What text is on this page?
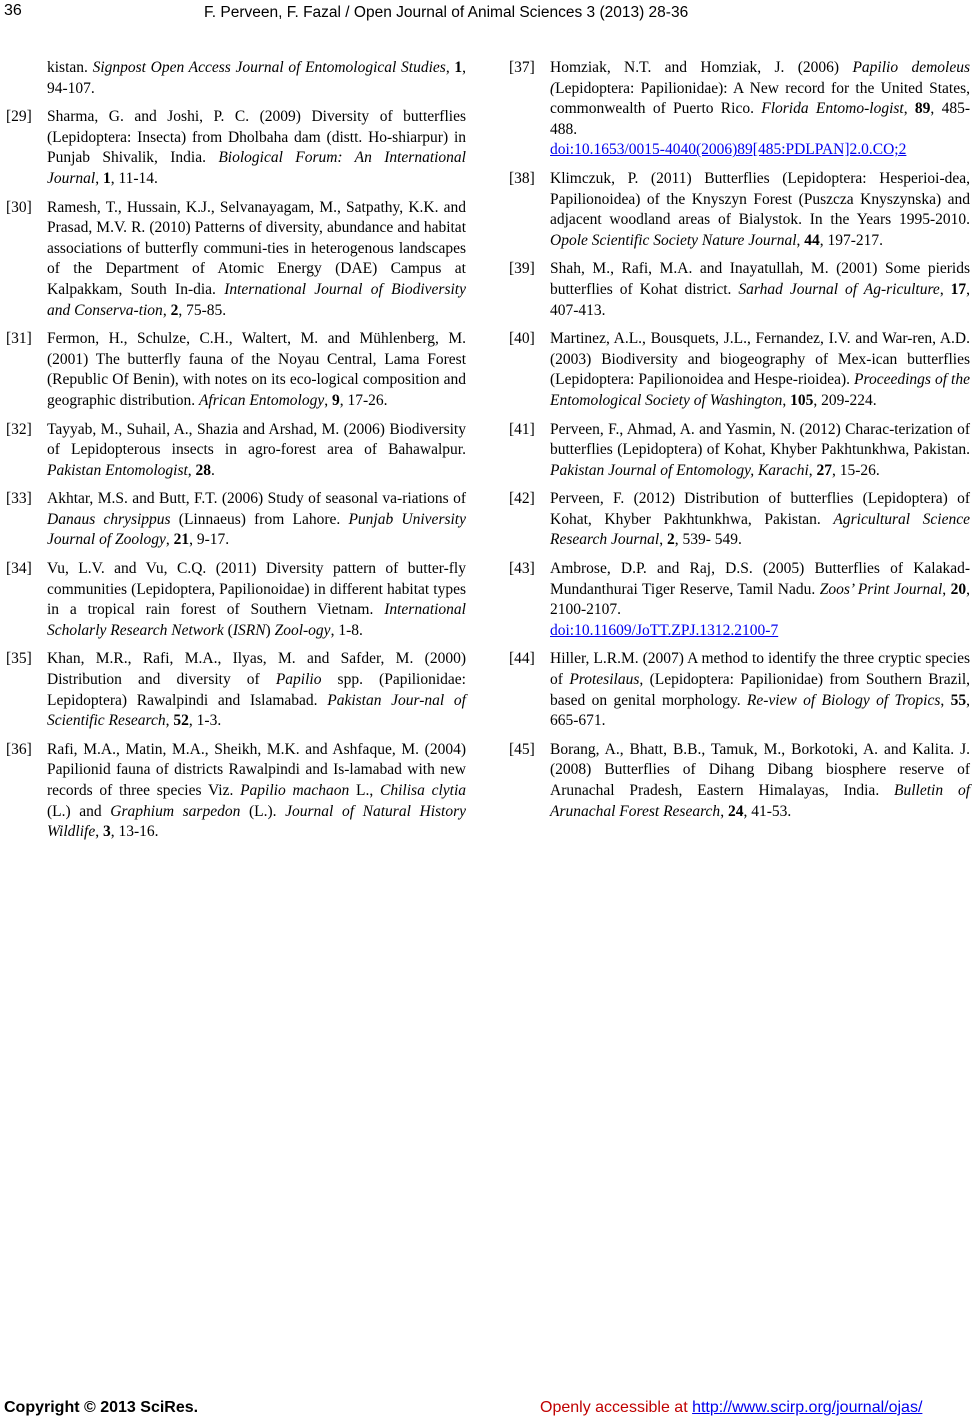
36	F. Perveen, F. Fazal / Open Journal of Animal Sciences 3 (2013) 28-36
kistan. Signpost Open Access Journal of Entomological Studies, 1, 94-107.
[29] Sharma, G. and Joshi, P. C. (2009) Diversity of butterflies (Lepidoptera: Insecta) from Dholbaha dam (distt. Ho-shiarpur) in Punjab Shivalik, India. Biological Forum: An International Journal, 1, 11-14.
[30] Ramesh, T., Hussain, K.J., Selvanayagam, M., Satpathy, K.K. and Prasad, M.V. R. (2010) Patterns of diversity, abundance and habitat associations of butterfly communi-ties in heterogenous landscapes of the Department of Atomic Energy (DAE) Campus at Kalpakkam, South In-dia. International Journal of Biodiversity and Conserva-tion, 2, 75-85.
[31] Fermon, H., Schulze, C.H., Waltert, M. and Mühlenberg, M. (2001) The butterfly fauna of the Noyau Central, Lama Forest (Republic Of Benin), with notes on its eco-logical composition and geographic distribution. African Entomology, 9, 17-26.
[32] Tayyab, M., Suhail, A., Shazia and Arshad, M. (2006) Biodiversity of Lepidopterous insects in agro-forest area of Bahawalpur. Pakistan Entomologist, 28.
[33] Akhtar, M.S. and Butt, F.T. (2006) Study of seasonal va-riations of Danaus chrysippus (Linnaeus) from Lahore. Punjab University Journal of Zoology, 21, 9-17.
[34] Vu, L.V. and Vu, C.Q. (2011) Diversity pattern of butter-fly communities (Lepidoptera, Papilionoidae) in different habitat types in a tropical rain forest of Southern Vietnam. International Scholarly Research Network (ISRN) Zool-ogy, 1-8.
[35] Khan, M.R., Rafi, M.A., Ilyas, M. and Safder, M. (2000) Distribution and diversity of Papilio spp. (Papilionidae: Lepidoptera) Rawalpindi and Islamabad. Pakistan Jour-nal of Scientific Research, 52, 1-3.
[36] Rafi, M.A., Matin, M.A., Sheikh, M.K. and Ashfaque, M. (2004) Papilionid fauna of districts Rawalpindi and Is-lamabad with new records of three species Viz. Papilio machaon L., Chilisa clytia (L.) and Graphium sarpedon (L.). Journal of Natural History Wildlife, 3, 13-16.
[37] Homziak, N.T. and Homziak, J. (2006) Papilio demoleus (Lepidoptera: Papilionidae): A New record for the United States, commonwealth of Puerto Rico. Florida Entomo-logist, 89, 485-488.
doi:10.1653/0015-4040(2006)89[485:PDLPAN]2.0.CO;2
[38] Klimczuk, P. (2011) Butterflies (Lepidoptera: Hesperioi-dea, Papilionoidea) of the Knyszyn Forest (Puszcza Knyszynska) and adjacent woodland areas of Bialystok. In the Years 1995-2010. Opole Scientific Society Nature Journal, 44, 197-217.
[39] Shah, M., Rafi, M.A. and Inayatullah, M. (2001) Some pierids butterflies of Kohat district. Sarhad Journal of Ag-riculture, 17, 407-413.
[40] Martinez, A.L., Bousquets, J.L., Fernandez, I.V. and War-ren, A.D. (2003) Biodiversity and biogeography of Mex-ican butterflies (Lepidoptera: Papilionoidea and Hespe-rioidea). Proceedings of the Entomological Society of Washington, 105, 209-224.
[41] Perveen, F., Ahmad, A. and Yasmin, N. (2012) Charac-terization of butterflies (Lepidoptera) of Kohat, Khyber Pakhtunkhwa, Pakistan. Pakistan Journal of Entomology, Karachi, 27, 15-26.
[42] Perveen, F. (2012) Distribution of butterflies (Lepidoptera) of Kohat, Khyber Pakhtunkhwa, Pakistan. Agricultural Science Research Journal, 2, 539- 549.
[43] Ambrose, D.P. and Raj, D.S. (2005) Butterflies of Kalakad-Mundanthurai Tiger Reserve, Tamil Nadu. Zoos’ Print Journal, 20, 2100-2107.
doi:10.11609/JoTT.ZPJ.1312.2100-7
[44] Hiller, L.R.M. (2007) A method to identify the three cryptic species of Protesilaus, (Lepidoptera: Papilionidae) from Southern Brazil, based on genital morphology. Re-view of Biology of Tropics, 55, 665-671.
[45] Borang, A., Bhatt, B.B., Tamuk, M., Borkotoki, A. and Kalita. J. (2008) Butterflies of Dihang Dibang biosphere reserve of Arunachal Pradesh, Eastern Himalayas, India. Bulletin of Arunachal Forest Research, 24, 41-53.
Copyright © 2013 SciRes.	Openly accessible at http://www.scirp.org/journal/ojas/
